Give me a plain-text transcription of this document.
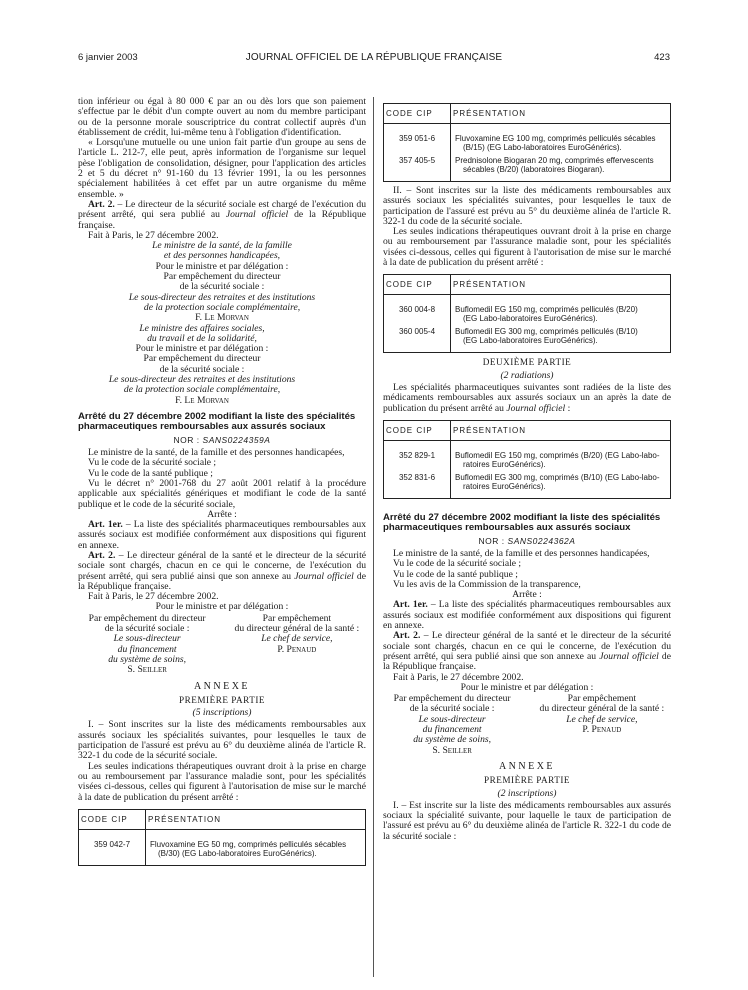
6 janvier 2003	JOURNAL OFFICIEL DE LA RÉPUBLIQUE FRANÇAISE	423

tion inférieur ou égal à 80 000 € par an ou dès lors que son paiement s'effectue par le débit d'un compte ouvert au nom du membre participant ou de la personne morale souscriptrice du contrat collectif auprès d'un établissement de crédit, lui-même tenu à l'obligation d'identification.

« Lorsqu'une mutuelle ou une union fait partie d'un groupe au sens de l'article L. 212-7, elle peut, après information de l'organisme sur lequel pèse l'obligation de consolidation, désigner, pour l'application des articles 2 et 5 du décret n° 91-160 du 13 février 1991, la ou les personnes spécialement habilitées à cet effet par un autre organisme du même ensemble. »

Art. 2. – Le directeur de la sécurité sociale est chargé de l'exécution du présent arrêté, qui sera publié au Journal officiel de la République française.

Fait à Paris, le 27 décembre 2002.

Le ministre de la santé, de la famille

et des personnes handicapées,

Pour le ministre et par délégation :

Par empêchement du directeur

de la sécurité sociale :

Le sous-directeur des retraites et des institutions

de la protection sociale complémentaire,

F. Le Morvan

Le ministre des affaires sociales,

du travail et de la solidarité,

Pour le ministre et par délégation :

Par empêchement du directeur

de la sécurité sociale :

Le sous-directeur des retraites et des institutions

de la protection sociale complémentaire,

F. Le Morvan

Arrêté du 27 décembre 2002 modifiant la liste des spécialités pharmaceutiques remboursables aux assurés sociaux

NOR : SANS0224359A

Le ministre de la santé, de la famille et des personnes handicapées,

Vu le code de la sécurité sociale ;

Vu le code de la santé publique ;

Vu le décret n° 2001-768 du 27 août 2001 relatif à la procédure applicable aux spécialités génériques et modifiant le code de la santé publique et le code de la sécurité sociale,

Arrête :

Art. 1er. – La liste des spécialités pharmaceutiques remboursables aux assurés sociaux est modifiée conformément aux dispositions qui figurent en annexe.

Art. 2. – Le directeur général de la santé et le directeur de la sécurité sociale sont chargés, chacun en ce qui le concerne, de l'exécution du présent arrêté, qui sera publié ainsi que son annexe au Journal officiel de la République française.

Fait à Paris, le 27 décembre 2002.

Pour le ministre et par délégation :

Par empêchement du directeur

de la sécurité sociale :

Le sous-directeur

du financement

du système de soins,

S. Seiller

Par empêchement

du directeur général de la santé :

Le chef de service,

P. Penaud

ANNEXE

PREMIÈRE PARTIE

(5 inscriptions)

I. – Sont inscrites sur la liste des médicaments remboursables aux assurés sociaux les spécialités suivantes, pour lesquelles le taux de participation de l'assuré est prévu au 6° du deuxième alinéa de l'article R. 322-1 du code de la sécurité sociale.

Les seules indications thérapeutiques ouvrant droit à la prise en charge ou au remboursement par l'assurance maladie sont, pour les spécialités visées ci-dessous, celles qui figurent à l'autorisation de mise sur le marché à la date de publication du présent arrêté :

CODE CIP	PRÉSENTATION
359 042-7	Fluvoxamine EG 50 mg, comprimés pelliculés sécables
(B/30) (EG Labo-laboratoires EuroGénérics).
CODE CIP	PRÉSENTATION
359 051-6	Fluvoxamine EG 100 mg, comprimés pelliculés sécables
(B/15) (EG Labo-laboratoires EuroGénérics).

357 405-5	Prednisolone Biogaran 20 mg, comprimés effervescents
sécables (B/20) (laboratoires Biogaran).

II. – Sont inscrites sur la liste des médicaments remboursables aux assurés sociaux les spécialités suivantes, pour lesquelles le taux de participation de l'assuré est prévu au 5° du deuxième alinéa de l'article R. 322-1 du code de la sécurité sociale.

Les seules indications thérapeutiques ouvrant droit à la prise en charge ou au remboursement par l'assurance maladie sont, pour les spécialités visées ci-dessous, celles qui figurent à l'autorisation de mise sur le marché à la date de publication du présent arrêté :

CODE CIP	PRÉSENTATION
360 004-8	Buflomedil EG 150 mg, comprimés pelliculés (B/20)
(EG Labo-laboratoires EuroGénérics).

360 005-4	Buflomedil EG 300 mg, comprimés pelliculés (B/10)
(EG Labo-laboratoires EuroGénérics).

DEUXIÈME PARTIE

(2 radiations)

Les spécialités pharmaceutiques suivantes sont radiées de la liste des médicaments remboursables aux assurés sociaux un an après la date de publication du présent arrêté au Journal officiel :

CODE CIP	PRÉSENTATION
352 829-1	Buflomedil EG 150 mg, comprimés (B/20) (EG Labo-labo-
ratoires EuroGénérics).

352 831-6	Buflomedil EG 300 mg, comprimés (B/10) (EG Labo-labo-
ratoires EuroGénérics).

Arrêté du 27 décembre 2002 modifiant la liste des spécialités pharmaceutiques remboursables aux assurés sociaux

NOR : SANS0224362A

Le ministre de la santé, de la famille et des personnes handicapées,

Vu le code de la sécurité sociale ;

Vu le code de la santé publique ;

Vu les avis de la Commission de la transparence,

Arrête :

Art. 1er. – La liste des spécialités pharmaceutiques remboursables aux assurés sociaux est modifiée conformément aux dispositions qui figurent en annexe.

Art. 2. – Le directeur général de la santé et le directeur de la sécurité sociale sont chargés, chacun en ce qui le concerne, de l'exécution du présent arrêté, qui sera publié ainsi que son annexe au Journal officiel de la République française.

Fait à Paris, le 27 décembre 2002.

Pour le ministre et par délégation :

Par empêchement du directeur

de la sécurité sociale :

Le sous-directeur

du financement

du système de soins,

S. Seiller

Par empêchement

du directeur général de la santé :

Le chef de service,

P. Penaud

ANNEXE

PREMIÈRE PARTIE

(2 inscriptions)

I. – Est inscrite sur la liste des médicaments remboursables aux assurés sociaux la spécialité suivante, pour laquelle le taux de participation de l'assuré est prévu au 6° du deuxième alinéa de l'article R. 322-1 du code de la sécurité sociale :
